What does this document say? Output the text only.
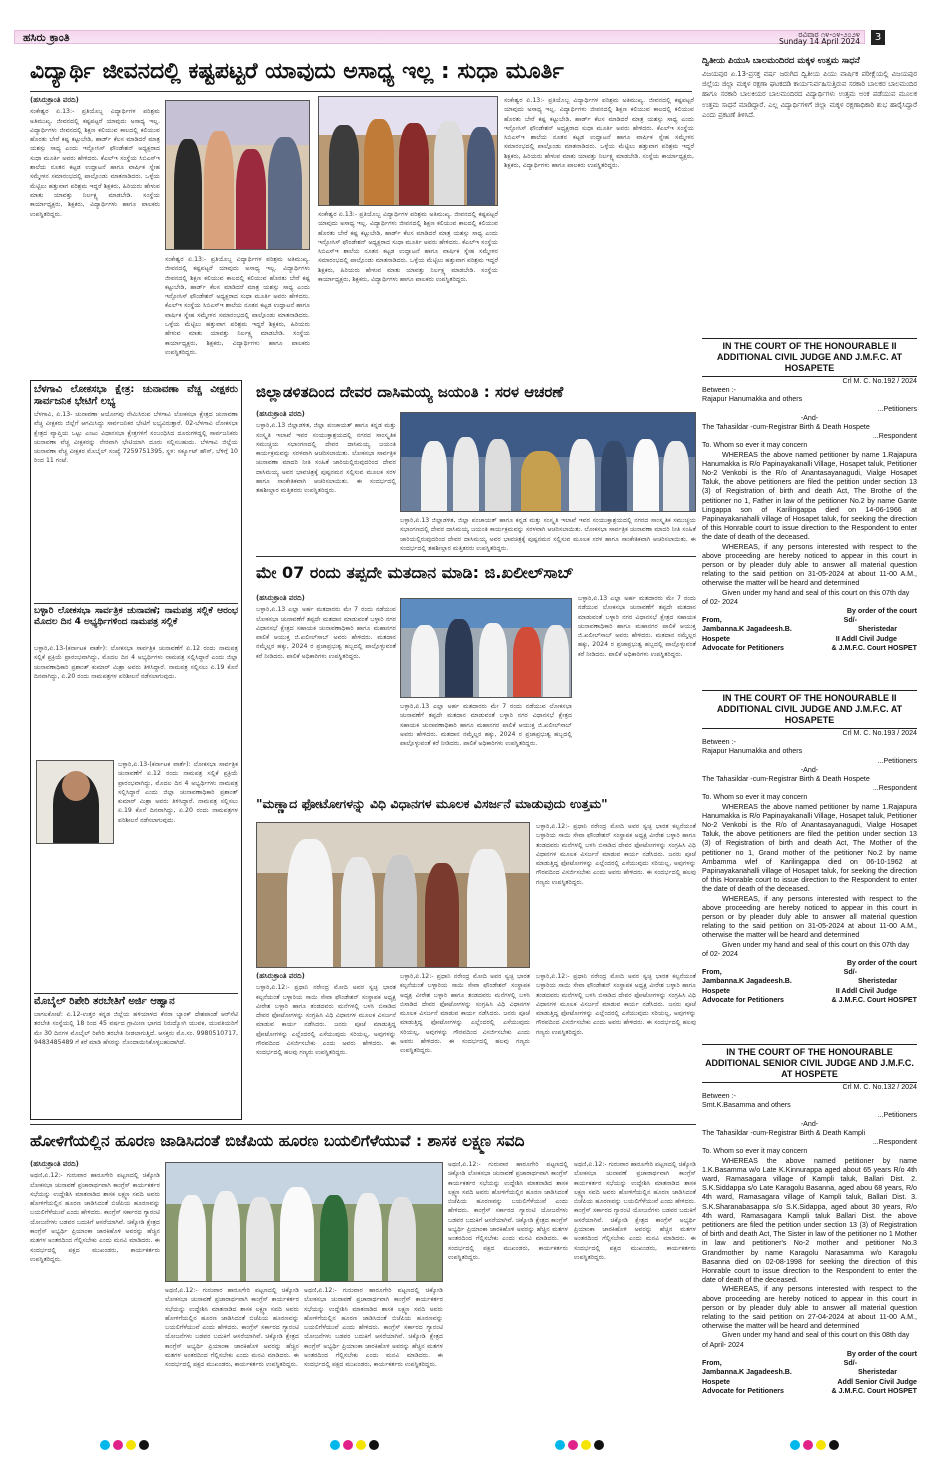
ಹಸಿರು ಕ್ರಾಂತಿ	ರವಿವಾರ ೧೪-೦೪-೨೦೨೪
Sunday 14 April 2024	3
ವಿದ್ಯಾರ್ಥಿ ಜೀವನದಲ್ಲಿ ಕಷ್ಟಪಟ್ಟರೆ ಯಾವುದು ಅಸಾಧ್ಯ ಇಲ್ಲ : ಸುಧಾ ಮೂರ್ತಿ

(ಹಸಿರುಕ್ರಾಂತಿ ವರದಿ)

ಸಂಕೇಶ್ವರ ಏ.13:- ಪ್ರತಿಯೊಬ್ಬ ವಿದ್ಯಾರ್ಥಿಗಳ ಪರಿಶ್ರಮ ಅತಿಮುಖ್ಯ. ಜೀವನದಲ್ಲಿ ಕಷ್ಟಪಟ್ಟರೆ ಯಾವುದು ಅಸಾಧ್ಯ ಇಲ್ಲ. ವಿದ್ಯಾರ್ಥಿಗಳು ಜೀವನದಲ್ಲಿ ಶಿಕ್ಷಣ ಕಲಿಯುವ ಕಾಲದಲ್ಲಿ ಕಲಿಯುವ ಹೊರತು ಬೇರೆ ಕಷ್ಟ ಕಟ್ಟುಬೇಡಿ, ಹಾರ್ಡ್ ಕೆಲಸ ಮಾಡಿದರೆ ಮಾತ್ರ ಯಶಸ್ಸು ಸಾಧ್ಯ ಎಂದು ಇನ್ಫೋಸಿಸ್ ಫೌಂಡೇಶನ್ ಅಧ್ಯಕ್ಷರಾದ ಸುಧಾ ಮೂರ್ತಿ ಅವರು ಹೇಳಿದರು. ಕೆಎಲ್‌ಇ ಸಂಸ್ಥೆಯ ಸಿಬಿಎಸ್‌ಇ ಶಾಲೆಯ ನೂತನ ಕಟ್ಟಡ ಉದ್ಘಾಟನೆ ಹಾಗೂ ವಾರ್ಷಿಕ ಸ್ನೇಹ ಸಮ್ಮೇಳನ ಸಮಾರಂಭದಲ್ಲಿ ಪಾಲ್ಗೊಂಡು ಮಾತನಾಡಿದರು. ಒಳ್ಳೆಯ ಮೆಟ್ಟಿಲು ಹತ್ತುವಾಗ ಪರಿಶ್ರಮ ಇದ್ದರೆ ಶಿಕ್ಷಕರು, ಹಿರಿಯರು ಹೇಳುವ ಮಾತು ಯಾವತ್ತು ನಿರ್ಲಕ್ಷ್ಯ ಮಾಡಬೇಡಿ. ಸಂಸ್ಥೆಯ ಕಾರ್ಯಾಧ್ಯಕ್ಷರು, ಶಿಕ್ಷಕರು, ವಿದ್ಯಾರ್ಥಿಗಳು ಹಾಗೂ ಪಾಲಕರು ಉಪಸ್ಥಿತರಿದ್ದರು.

ಸಂಕೇಶ್ವರ ಏ.13:- ಪ್ರತಿಯೊಬ್ಬ ವಿದ್ಯಾರ್ಥಿಗಳ ಪರಿಶ್ರಮ ಅತಿಮುಖ್ಯ. ಜೀವನದಲ್ಲಿ ಕಷ್ಟಪಟ್ಟರೆ ಯಾವುದು ಅಸಾಧ್ಯ ಇಲ್ಲ. ವಿದ್ಯಾರ್ಥಿಗಳು ಜೀವನದಲ್ಲಿ ಶಿಕ್ಷಣ ಕಲಿಯುವ ಕಾಲದಲ್ಲಿ ಕಲಿಯುವ ಹೊರತು ಬೇರೆ ಕಷ್ಟ ಕಟ್ಟುಬೇಡಿ, ಹಾರ್ಡ್ ಕೆಲಸ ಮಾಡಿದರೆ ಮಾತ್ರ ಯಶಸ್ಸು ಸಾಧ್ಯ ಎಂದು ಇನ್ಫೋಸಿಸ್ ಫೌಂಡೇಶನ್ ಅಧ್ಯಕ್ಷರಾದ ಸುಧಾ ಮೂರ್ತಿ ಅವರು ಹೇಳಿದರು. ಕೆಎಲ್‌ಇ ಸಂಸ್ಥೆಯ ಸಿಬಿಎಸ್‌ಇ ಶಾಲೆಯ ನೂತನ ಕಟ್ಟಡ ಉದ್ಘಾಟನೆ ಹಾಗೂ ವಾರ್ಷಿಕ ಸ್ನೇಹ ಸಮ್ಮೇಳನ ಸಮಾರಂಭದಲ್ಲಿ ಪಾಲ್ಗೊಂಡು ಮಾತನಾಡಿದರು. ಒಳ್ಳೆಯ ಮೆಟ್ಟಿಲು ಹತ್ತುವಾಗ ಪರಿಶ್ರಮ ಇದ್ದರೆ ಶಿಕ್ಷಕರು, ಹಿರಿಯರು ಹೇಳುವ ಮಾತು ಯಾವತ್ತು ನಿರ್ಲಕ್ಷ್ಯ ಮಾಡಬೇಡಿ. ಸಂಸ್ಥೆಯ ಕಾರ್ಯಾಧ್ಯಕ್ಷರು, ಶಿಕ್ಷಕರು, ವಿದ್ಯಾರ್ಥಿಗಳು ಹಾಗೂ ಪಾಲಕರು ಉಪಸ್ಥಿತರಿದ್ದರು.

ಸಂಕೇಶ್ವರ ಏ.13:- ಪ್ರತಿಯೊಬ್ಬ ವಿದ್ಯಾರ್ಥಿಗಳ ಪರಿಶ್ರಮ ಅತಿಮುಖ್ಯ. ಜೀವನದಲ್ಲಿ ಕಷ್ಟಪಟ್ಟರೆ ಯಾವುದು ಅಸಾಧ್ಯ ಇಲ್ಲ. ವಿದ್ಯಾರ್ಥಿಗಳು ಜೀವನದಲ್ಲಿ ಶಿಕ್ಷಣ ಕಲಿಯುವ ಕಾಲದಲ್ಲಿ ಕಲಿಯುವ ಹೊರತು ಬೇರೆ ಕಷ್ಟ ಕಟ್ಟುಬೇಡಿ, ಹಾರ್ಡ್ ಕೆಲಸ ಮಾಡಿದರೆ ಮಾತ್ರ ಯಶಸ್ಸು ಸಾಧ್ಯ ಎಂದು ಇನ್ಫೋಸಿಸ್ ಫೌಂಡೇಶನ್ ಅಧ್ಯಕ್ಷರಾದ ಸುಧಾ ಮೂರ್ತಿ ಅವರು ಹೇಳಿದರು. ಕೆಎಲ್‌ಇ ಸಂಸ್ಥೆಯ ಸಿಬಿಎಸ್‌ಇ ಶಾಲೆಯ ನೂತನ ಕಟ್ಟಡ ಉದ್ಘಾಟನೆ ಹಾಗೂ ವಾರ್ಷಿಕ ಸ್ನೇಹ ಸಮ್ಮೇಳನ ಸಮಾರಂಭದಲ್ಲಿ ಪಾಲ್ಗೊಂಡು ಮಾತನಾಡಿದರು. ಒಳ್ಳೆಯ ಮೆಟ್ಟಿಲು ಹತ್ತುವಾಗ ಪರಿಶ್ರಮ ಇದ್ದರೆ ಶಿಕ್ಷಕರು, ಹಿರಿಯರು ಹೇಳುವ ಮಾತು ಯಾವತ್ತು ನಿರ್ಲಕ್ಷ್ಯ ಮಾಡಬೇಡಿ. ಸಂಸ್ಥೆಯ ಕಾರ್ಯಾಧ್ಯಕ್ಷರು, ಶಿಕ್ಷಕರು, ವಿದ್ಯಾರ್ಥಿಗಳು ಹಾಗೂ ಪಾಲಕರು ಉಪಸ್ಥಿತರಿದ್ದರು.

ಸಂಕೇಶ್ವರ ಏ.13:- ಪ್ರತಿಯೊಬ್ಬ ವಿದ್ಯಾರ್ಥಿಗಳ ಪರಿಶ್ರಮ ಅತಿಮುಖ್ಯ. ಜೀವನದಲ್ಲಿ ಕಷ್ಟಪಟ್ಟರೆ ಯಾವುದು ಅಸಾಧ್ಯ ಇಲ್ಲ. ವಿದ್ಯಾರ್ಥಿಗಳು ಜೀವನದಲ್ಲಿ ಶಿಕ್ಷಣ ಕಲಿಯುವ ಕಾಲದಲ್ಲಿ ಕಲಿಯುವ ಹೊರತು ಬೇರೆ ಕಷ್ಟ ಕಟ್ಟುಬೇಡಿ, ಹಾರ್ಡ್ ಕೆಲಸ ಮಾಡಿದರೆ ಮಾತ್ರ ಯಶಸ್ಸು ಸಾಧ್ಯ ಎಂದು ಇನ್ಫೋಸಿಸ್ ಫೌಂಡೇಶನ್ ಅಧ್ಯಕ್ಷರಾದ ಸುಧಾ ಮೂರ್ತಿ ಅವರು ಹೇಳಿದರು. ಕೆಎಲ್‌ಇ ಸಂಸ್ಥೆಯ ಸಿಬಿಎಸ್‌ಇ ಶಾಲೆಯ ನೂತನ ಕಟ್ಟಡ ಉದ್ಘಾಟನೆ ಹಾಗೂ ವಾರ್ಷಿಕ ಸ್ನೇಹ ಸಮ್ಮೇಳನ ಸಮಾರಂಭದಲ್ಲಿ ಪಾಲ್ಗೊಂಡು ಮಾತನಾಡಿದರು. ಒಳ್ಳೆಯ ಮೆಟ್ಟಿಲು ಹತ್ತುವಾಗ ಪರಿಶ್ರಮ ಇದ್ದರೆ ಶಿಕ್ಷಕರು, ಹಿರಿಯರು ಹೇಳುವ ಮಾತು ಯಾವತ್ತು ನಿರ್ಲಕ್ಷ್ಯ ಮಾಡಬೇಡಿ. ಸಂಸ್ಥೆಯ ಕಾರ್ಯಾಧ್ಯಕ್ಷರು, ಶಿಕ್ಷಕರು, ವಿದ್ಯಾರ್ಥಿಗಳು ಹಾಗೂ ಪಾಲಕರು ಉಪಸ್ಥಿತರಿದ್ದರು.

ದ್ವಿತೀಯ ಪಿಯುಸಿ ಬಾಲಮಂದಿರದ ಮಕ್ಕಳ ಉತ್ತಮ ಸಾಧನೆ

ವಿಜಯಪುರ ಏ.13-ಪ್ರಸಕ್ತ ವರ್ಷ ಜರುಗಿದ ದ್ವಿತೀಯ ಪಿಯು ವಾರ್ಷಿಕ ಪರೀಕ್ಷೆಯಲ್ಲಿ ವಿಜಯಪುರ ಜಿಲ್ಲೆಯ ಜಿಲ್ಲಾ ಮಕ್ಕಳ ರಕ್ಷಣಾ ಘಟಕದಡಿ ಕಾರ್ಯನಿರ್ವಹಿಸುತ್ತಿರುವ ಸರಕಾರಿ ಬಾಲಕರ ಬಾಲಮಂದಿರ ಹಾಗೂ ಸರಕಾರಿ ಬಾಲಕಿಯರ ಬಾಲಮಂದಿರದ ವಿದ್ಯಾರ್ಥಿಗಳು ಉತ್ತಮ ಅಂಕ ಪಡೆಯುವ ಮೂಲಕ ಉತ್ತಮ ಸಾಧನೆ ಮಾಡಿದ್ದಾರೆ. ಎಲ್ಲ ವಿದ್ಯಾರ್ಥಿಗಳಿಗೆ ಜಿಲ್ಲಾ ಮಕ್ಕಳ ರಕ್ಷಣಾಧಿಕಾರಿ ಶುಭ ಹಾರೈಸಿದ್ದಾರೆ ಎಂದು ಪ್ರಕಟಣೆ ತಿಳಿಸಿದೆ.

ಬೆಳಗಾವಿ ಲೋಕಸಭಾ ಕ್ಷೇತ್ರ: ಚುನಾವಣಾ ವೆಚ್ಚ ವೀಕ್ಷಕರು ಸಾರ್ವಜನಿಕ ಭೇಟಿಗೆ ಲಭ್ಯ

ಬೆಳಗಾವಿ, ಏ.13- ಚುನಾವಣಾ ಆಯೋಗವು ನೇಮಿಸಿರುವ ಬೆಳಗಾವಿ ಲೋಕಸಭಾ ಕ್ಷೇತ್ರದ ಚುನಾವಣಾ ವೆಚ್ಚ ವೀಕ್ಷಕರು ಜಿಲ್ಲೆಗೆ ಆಗಮಿಸಿದ್ದು ಸಾರ್ವಜನಿಕರ ಭೇಟಿಗೆ ಲಭ್ಯವಿರುತ್ತಾರೆ. 02-ಬೆಳಗಾವಿ ಲೋಕಸಭಾ ಕ್ಷೇತ್ರದ ವ್ಯಾಪ್ತಿಯ ಒಟ್ಟು ಎಂಟು ವಿಧಾನಸಭಾ ಕ್ಷೇತ್ರಗಳಿಗೆ ಸಂಬಂಧಿಸಿದ ದೂರುಗಳಿದ್ದಲ್ಲಿ ಸಾರ್ವಜನಿಕರು ಚುನಾವಣಾ ವೆಚ್ಚ ವೀಕ್ಷಕರನ್ನು ನೇರವಾಗಿ ಭೇಟಿಯಾಗಿ ದೂರು ಸಲ್ಲಿಸಬಹುದು. ಬೆಳಗಾವಿ ಜಿಲ್ಲೆಯ ಚುನಾವಣಾ ವೆಚ್ಚ ವೀಕ್ಷಕರ ಮೊಬೈಲ್ ಸಂಖ್ಯೆ 7259751395, ಸ್ಥಳ: ಸರ್ಕ್ಯೂಟ್ ಹೌಸ್, ಬೆಳಿಗ್ಗೆ 10 ರಿಂದ 11 ಗಂಟೆ.

ಬಳ್ಳಾರಿ ಲೋಕಸಭಾ ಸಾರ್ವತ್ರಿಕ ಚುನಾವಣೆ; ನಾಮಪತ್ರ ಸಲ್ಲಿಕೆ ಆರಂಭ ಮೊದಲ ದಿನ 4 ಅಭ್ಯರ್ಥಿಗಳಿಂದ ನಾಮಪತ್ರ ಸಲ್ಲಿಕೆ

ಬಳ್ಳಾರಿ,ಏ.13-(ಕರ್ನಾಟಕ ವಾರ್ತೆ): ಲೋಕಸಭಾ ಸಾರ್ವತ್ರಿಕ ಚುನಾವಣೆಗೆ ಏ.12 ರಂದು ನಾಮಪತ್ರ ಸಲ್ಲಿಕೆ ಪ್ರಕ್ರಿಯೆ ಪ್ರಾರಂಭವಾಗಿದ್ದು, ಮೊದಲ ದಿನ 4 ಅಭ್ಯರ್ಥಿಗಳು ನಾಮಪತ್ರ ಸಲ್ಲಿಸಿದ್ದಾರೆ ಎಂದು ಜಿಲ್ಲಾ ಚುನಾವಣಾಧಿಕಾರಿ ಪ್ರಶಾಂತ್ ಕುಮಾರ್ ಮಿಶ್ರಾ ಅವರು ತಿಳಿಸಿದ್ದಾರೆ. ನಾಮಪತ್ರ ಸಲ್ಲಿಸಲು ಏ.19 ಕೊನೆ ದಿನವಾಗಿದ್ದು, ಏ.20 ರಂದು ನಾಮಪತ್ರಗಳ ಪರಿಶೀಲನೆ ನಡೆಸಲಾಗುವುದು.

ಬಳ್ಳಾರಿ,ಏ.13-(ಕರ್ನಾಟಕ ವಾರ್ತೆ): ಲೋಕಸಭಾ ಸಾರ್ವತ್ರಿಕ ಚುನಾವಣೆಗೆ ಏ.12 ರಂದು ನಾಮಪತ್ರ ಸಲ್ಲಿಕೆ ಪ್ರಕ್ರಿಯೆ ಪ್ರಾರಂಭವಾಗಿದ್ದು, ಮೊದಲ ದಿನ 4 ಅಭ್ಯರ್ಥಿಗಳು ನಾಮಪತ್ರ ಸಲ್ಲಿಸಿದ್ದಾರೆ ಎಂದು ಜಿಲ್ಲಾ ಚುನಾವಣಾಧಿಕಾರಿ ಪ್ರಶಾಂತ್ ಕುಮಾರ್ ಮಿಶ್ರಾ ಅವರು ತಿಳಿಸಿದ್ದಾರೆ. ನಾಮಪತ್ರ ಸಲ್ಲಿಸಲು ಏ.19 ಕೊನೆ ದಿನವಾಗಿದ್ದು, ಏ.20 ರಂದು ನಾಮಪತ್ರಗಳ ಪರಿಶೀಲನೆ ನಡೆಸಲಾಗುವುದು.

ಮೊಬೈಲ್ ರಿಪೇರಿ ತರಬೇತಿಗೆ ಅರ್ಜಿ ಆಹ್ವಾನ

ಬಾಗಲಕೋಟೆ: ಏ.12-ಉತ್ತರ ಕನ್ನಡ ಜಿಲ್ಲೆಯ ಹಳಿಯಾಳದ ಕೆನರಾ ಬ್ಯಾಂಕ್ ದೇಶಪಾಂಡೆ ಆರ್‌ಸೆಟಿ ತರಬೇತಿ ಸಂಸ್ಥೆಯಲ್ಲಿ 18 ರಿಂದ 45 ವರ್ಷದ ಗ್ರಾಮೀಣ ಭಾಗದ ನಿರುದ್ಯೋಗಿ ಯುವಕ, ಯುವತಿಯರಿಗೆ ಮೇ 30 ದಿನಗಳ ಮೊಬೈಲ್ ರಿಪೇರಿ ತರಬೇತಿ ನೀಡಲಾಗುತ್ತಿದೆ. ಆಸಕ್ತರು ಮೊ.ಸಂ. 9980510717, 9483485489 ಗೆ ಕರೆ ಮಾಡಿ ಹೆಸರನ್ನು ನೊಂದಾಯಿಸಿಕೊಳ್ಳಬಹುದಾಗಿದೆ.

ಜಿಲ್ಲಾಡಳಿತದಿಂದ ದೇವರ ದಾಸಿಮಯ್ಯ ಜಯಂತಿ : ಸರಳ ಆಚರಣೆ

(ಹಸಿರುಕ್ರಾಂತಿ ವರದಿ)

ಬಳ್ಳಾರಿ,ಏ.13 ಜಿಲ್ಲಾಡಳಿತ, ಜಿಲ್ಲಾ ಪಂಚಾಯತ್ ಹಾಗೂ ಕನ್ನಡ ಮತ್ತು ಸಂಸ್ಕೃತಿ ಇಲಾಖೆ ಇವರ ಸಂಯುಕ್ತಾಶ್ರಯದಲ್ಲಿ ನಗರದ ಸಾಂಸ್ಕೃತಿಕ ಸಮುಚ್ಚಯ ಸಭಾಂಗಣದಲ್ಲಿ ದೇವರ ದಾಸಿಮಯ್ಯ ಜಯಂತಿ ಕಾರ್ಯಕ್ರಮವನ್ನು ಸರಳವಾಗಿ ಆಚರಿಸಲಾಯಿತು. ಲೋಕಸಭಾ ಸಾರ್ವತ್ರಿಕ ಚುನಾವಣಾ ಮಾದರಿ ನೀತಿ ಸಂಹಿತೆ ಜಾರಿಯಲ್ಲಿರುವುದರಿಂದ ದೇವರ ದಾಸಿಮಯ್ಯ ಅವರ ಭಾವಚಿತ್ರಕ್ಕೆ ಪುಷ್ಪನಮನ ಸಲ್ಲಿಸುವ ಮೂಲಕ ಸರಳ ಹಾಗೂ ಸಾಂಕೇತಿಕವಾಗಿ ಆಚರಿಸಲಾಯಿತು. ಈ ಸಂದರ್ಭದಲ್ಲಿ ತಹಶೀಲ್ದಾರ ಮತ್ತಿತರರು ಉಪಸ್ಥಿತರಿದ್ದರು.

ಬಳ್ಳಾರಿ,ಏ.13 ಜಿಲ್ಲಾಡಳಿತ, ಜಿಲ್ಲಾ ಪಂಚಾಯತ್ ಹಾಗೂ ಕನ್ನಡ ಮತ್ತು ಸಂಸ್ಕೃತಿ ಇಲಾಖೆ ಇವರ ಸಂಯುಕ್ತಾಶ್ರಯದಲ್ಲಿ ನಗರದ ಸಾಂಸ್ಕೃತಿಕ ಸಮುಚ್ಚಯ ಸಭಾಂಗಣದಲ್ಲಿ ದೇವರ ದಾಸಿಮಯ್ಯ ಜಯಂತಿ ಕಾರ್ಯಕ್ರಮವನ್ನು ಸರಳವಾಗಿ ಆಚರಿಸಲಾಯಿತು. ಲೋಕಸಭಾ ಸಾರ್ವತ್ರಿಕ ಚುನಾವಣಾ ಮಾದರಿ ನೀತಿ ಸಂಹಿತೆ ಜಾರಿಯಲ್ಲಿರುವುದರಿಂದ ದೇವರ ದಾಸಿಮಯ್ಯ ಅವರ ಭಾವಚಿತ್ರಕ್ಕೆ ಪುಷ್ಪನಮನ ಸಲ್ಲಿಸುವ ಮೂಲಕ ಸರಳ ಹಾಗೂ ಸಾಂಕೇತಿಕವಾಗಿ ಆಚರಿಸಲಾಯಿತು. ಈ ಸಂದರ್ಭದಲ್ಲಿ ತಹಶೀಲ್ದಾರ ಮತ್ತಿತರರು ಉಪಸ್ಥಿತರಿದ್ದರು.

ಮೇ 07 ರಂದು ತಪ್ಪದೇ ಮತದಾನ ಮಾಡಿ: ಜಿ.ಖಲೀಲ್‌ಸಾಬ್

(ಹಸಿರುಕ್ರಾಂತಿ ವರದಿ)

ಬಳ್ಳಾರಿ,ಏ.13 ಎಲ್ಲಾ ಅರ್ಹ ಮತದಾರರು ಮೇ 7 ರಂದು ನಡೆಯುವ ಲೋಕಸಭಾ ಚುನಾವಣೆಗೆ ತಪ್ಪದೇ ಮತದಾನ ಮಾಡುವಂತೆ ಬಳ್ಳಾರಿ ನಗರ ವಿಧಾನಸಭೆ ಕ್ಷೇತ್ರದ ಸಹಾಯಕ ಚುನಾವಣಾಧಿಕಾರಿ ಹಾಗೂ ಮಹಾನಗರ ಪಾಲಿಕೆ ಆಯುಕ್ತ ಜಿ.ಖಲೀಲ್‌ಸಾಬ್ ಅವರು ಹೇಳಿದರು. ಮತದಾನ ನಮ್ಮೆಲ್ಲರ ಹಕ್ಕು, 2024 ರ ಪ್ರಜಾಪ್ರಭುತ್ವ ಹಬ್ಬದಲ್ಲಿ ಪಾಲ್ಗೊಳ್ಳುವಂತೆ ಕರೆ ನೀಡಿದರು. ಪಾಲಿಕೆ ಅಧಿಕಾರಿಗಳು ಉಪಸ್ಥಿತರಿದ್ದರು.

ಬಳ್ಳಾರಿ,ಏ.13 ಎಲ್ಲಾ ಅರ್ಹ ಮತದಾರರು ಮೇ 7 ರಂದು ನಡೆಯುವ ಲೋಕಸಭಾ ಚುನಾವಣೆಗೆ ತಪ್ಪದೇ ಮತದಾನ ಮಾಡುವಂತೆ ಬಳ್ಳಾರಿ ನಗರ ವಿಧಾನಸಭೆ ಕ್ಷೇತ್ರದ ಸಹಾಯಕ ಚುನಾವಣಾಧಿಕಾರಿ ಹಾಗೂ ಮಹಾನಗರ ಪಾಲಿಕೆ ಆಯುಕ್ತ ಜಿ.ಖಲೀಲ್‌ಸಾಬ್ ಅವರು ಹೇಳಿದರು. ಮತದಾನ ನಮ್ಮೆಲ್ಲರ ಹಕ್ಕು, 2024 ರ ಪ್ರಜಾಪ್ರಭುತ್ವ ಹಬ್ಬದಲ್ಲಿ ಪಾಲ್ಗೊಳ್ಳುವಂತೆ ಕರೆ ನೀಡಿದರು. ಪಾಲಿಕೆ ಅಧಿಕಾರಿಗಳು ಉಪಸ್ಥಿತರಿದ್ದರು.

ಬಳ್ಳಾರಿ,ಏ.13 ಎಲ್ಲಾ ಅರ್ಹ ಮತದಾರರು ಮೇ 7 ರಂದು ನಡೆಯುವ ಲೋಕಸಭಾ ಚುನಾವಣೆಗೆ ತಪ್ಪದೇ ಮತದಾನ ಮಾಡುವಂತೆ ಬಳ್ಳಾರಿ ನಗರ ವಿಧಾನಸಭೆ ಕ್ಷೇತ್ರದ ಸಹಾಯಕ ಚುನಾವಣಾಧಿಕಾರಿ ಹಾಗೂ ಮಹಾನಗರ ಪಾಲಿಕೆ ಆಯುಕ್ತ ಜಿ.ಖಲೀಲ್‌ಸಾಬ್ ಅವರು ಹೇಳಿದರು. ಮತದಾನ ನಮ್ಮೆಲ್ಲರ ಹಕ್ಕು, 2024 ರ ಪ್ರಜಾಪ್ರಭುತ್ವ ಹಬ್ಬದಲ್ಲಿ ಪಾಲ್ಗೊಳ್ಳುವಂತೆ ಕರೆ ನೀಡಿದರು. ಪಾಲಿಕೆ ಅಧಿಕಾರಿಗಳು ಉಪಸ್ಥಿತರಿದ್ದರು.

"ಮಣ್ಣಾದ ಫೋಟೋಗಳನ್ನು ವಿಧಿ ವಿಧಾನಗಳ ಮೂಲಕ ವಿಸರ್ಜನೆ ಮಾಡುವುದು ಉತ್ತಮ"

ಬಳ್ಳಾರಿ,ಏ.12:- ಪ್ರಧಾನಿ ನರೇಂದ್ರ ಮೋದಿ ಅವರ ಸ್ವಚ್ಛ ಭಾರತ ಕಲ್ಪನೆಯಂತೆ ಬಳ್ಳಾರಿಯ ಸಾಯಿ ಸೇವಾ ಫೌಂಡೇಶನ್ ಸಂಸ್ಥಾಪಕ ಅಧ್ಯಕ್ಷ ವೀರೇಶ ಬಳ್ಳಾರಿ ಹಾಗೂ ತಂಡದವರು ಮನೆಗಳಲ್ಲಿ ಬಳಸಿ ಬಿಸಾಡಿದ ದೇವರ ಫೋಟೋಗಳನ್ನು ಸಂಗ್ರಹಿಸಿ ವಿಧಿ ವಿಧಾನಗಳ ಮೂಲಕ ವಿಸರ್ಜನೆ ಮಾಡುವ ಕಾರ್ಯ ನಡೆಸಿದರು. ಜನರು ಪೂಜೆ ಮಾಡುತ್ತಿದ್ದ ಫೋಟೋಗಳನ್ನು ಎಲ್ಲೆಂದರಲ್ಲಿ ಎಸೆಯುವುದು ಸರಿಯಲ್ಲ, ಅವುಗಳನ್ನು ಗೌರವದಿಂದ ವಿಸರ್ಜಿಸಬೇಕು ಎಂದು ಅವರು ಹೇಳಿದರು. ಈ ಸಂದರ್ಭದಲ್ಲಿ ಹಲವು ಗಣ್ಯರು ಉಪಸ್ಥಿತರಿದ್ದರು.

(ಹಸಿರುಕ್ರಾಂತಿ ವರದಿ)

ಬಳ್ಳಾರಿ,ಏ.12:- ಪ್ರಧಾನಿ ನರೇಂದ್ರ ಮೋದಿ ಅವರ ಸ್ವಚ್ಛ ಭಾರತ ಕಲ್ಪನೆಯಂತೆ ಬಳ್ಳಾರಿಯ ಸಾಯಿ ಸೇವಾ ಫೌಂಡೇಶನ್ ಸಂಸ್ಥಾಪಕ ಅಧ್ಯಕ್ಷ ವೀರೇಶ ಬಳ್ಳಾರಿ ಹಾಗೂ ತಂಡದವರು ಮನೆಗಳಲ್ಲಿ ಬಳಸಿ ಬಿಸಾಡಿದ ದೇವರ ಫೋಟೋಗಳನ್ನು ಸಂಗ್ರಹಿಸಿ ವಿಧಿ ವಿಧಾನಗಳ ಮೂಲಕ ವಿಸರ್ಜನೆ ಮಾಡುವ ಕಾರ್ಯ ನಡೆಸಿದರು. ಜನರು ಪೂಜೆ ಮಾಡುತ್ತಿದ್ದ ಫೋಟೋಗಳನ್ನು ಎಲ್ಲೆಂದರಲ್ಲಿ ಎಸೆಯುವುದು ಸರಿಯಲ್ಲ, ಅವುಗಳನ್ನು ಗೌರವದಿಂದ ವಿಸರ್ಜಿಸಬೇಕು ಎಂದು ಅವರು ಹೇಳಿದರು. ಈ ಸಂದರ್ಭದಲ್ಲಿ ಹಲವು ಗಣ್ಯರು ಉಪಸ್ಥಿತರಿದ್ದರು.

ಬಳ್ಳಾರಿ,ಏ.12:- ಪ್ರಧಾನಿ ನರೇಂದ್ರ ಮೋದಿ ಅವರ ಸ್ವಚ್ಛ ಭಾರತ ಕಲ್ಪನೆಯಂತೆ ಬಳ್ಳಾರಿಯ ಸಾಯಿ ಸೇವಾ ಫೌಂಡೇಶನ್ ಸಂಸ್ಥಾಪಕ ಅಧ್ಯಕ್ಷ ವೀರೇಶ ಬಳ್ಳಾರಿ ಹಾಗೂ ತಂಡದವರು ಮನೆಗಳಲ್ಲಿ ಬಳಸಿ ಬಿಸಾಡಿದ ದೇವರ ಫೋಟೋಗಳನ್ನು ಸಂಗ್ರಹಿಸಿ ವಿಧಿ ವಿಧಾನಗಳ ಮೂಲಕ ವಿಸರ್ಜನೆ ಮಾಡುವ ಕಾರ್ಯ ನಡೆಸಿದರು. ಜನರು ಪೂಜೆ ಮಾಡುತ್ತಿದ್ದ ಫೋಟೋಗಳನ್ನು ಎಲ್ಲೆಂದರಲ್ಲಿ ಎಸೆಯುವುದು ಸರಿಯಲ್ಲ, ಅವುಗಳನ್ನು ಗೌರವದಿಂದ ವಿಸರ್ಜಿಸಬೇಕು ಎಂದು ಅವರು ಹೇಳಿದರು. ಈ ಸಂದರ್ಭದಲ್ಲಿ ಹಲವು ಗಣ್ಯರು ಉಪಸ್ಥಿತರಿದ್ದರು.

ಬಳ್ಳಾರಿ,ಏ.12:- ಪ್ರಧಾನಿ ನರೇಂದ್ರ ಮೋದಿ ಅವರ ಸ್ವಚ್ಛ ಭಾರತ ಕಲ್ಪನೆಯಂತೆ ಬಳ್ಳಾರಿಯ ಸಾಯಿ ಸೇವಾ ಫೌಂಡೇಶನ್ ಸಂಸ್ಥಾಪಕ ಅಧ್ಯಕ್ಷ ವೀರೇಶ ಬಳ್ಳಾರಿ ಹಾಗೂ ತಂಡದವರು ಮನೆಗಳಲ್ಲಿ ಬಳಸಿ ಬಿಸಾಡಿದ ದೇವರ ಫೋಟೋಗಳನ್ನು ಸಂಗ್ರಹಿಸಿ ವಿಧಿ ವಿಧಾನಗಳ ಮೂಲಕ ವಿಸರ್ಜನೆ ಮಾಡುವ ಕಾರ್ಯ ನಡೆಸಿದರು. ಜನರು ಪೂಜೆ ಮಾಡುತ್ತಿದ್ದ ಫೋಟೋಗಳನ್ನು ಎಲ್ಲೆಂದರಲ್ಲಿ ಎಸೆಯುವುದು ಸರಿಯಲ್ಲ, ಅವುಗಳನ್ನು ಗೌರವದಿಂದ ವಿಸರ್ಜಿಸಬೇಕು ಎಂದು ಅವರು ಹೇಳಿದರು. ಈ ಸಂದರ್ಭದಲ್ಲಿ ಹಲವು ಗಣ್ಯರು ಉಪಸ್ಥಿತರಿದ್ದರು.

ಹೋಳಿಗೆಯಲ್ಲಿನ ಹೂರಣ ಜಾಡಿಸಿದಂತೆ ಬಿಜೆಪಿಯ ಹೂರಣ ಬಯಲಿಗೆಳೆಯುವೆ : ಶಾಸಕ ಲಕ್ಷ್ಮಣ ಸವದಿ

(ಹಸಿರುಕ್ರಾಂತಿ ವರದಿ)

ಅಥಣಿ,ಏ.12:- ಗುರುವಾರ ಹಾರೂಗೇರಿ ಪಟ್ಟಣದಲ್ಲಿ ಚಿಕ್ಕೋಡಿ ಲೋಕಸಭಾ ಚುನಾವಣೆ ಪ್ರಚಾರಾರ್ಥವಾಗಿ ಕಾಂಗ್ರೆಸ್ ಕಾರ್ಯಕರ್ತರ ಸಭೆಯನ್ನು ಉದ್ದೇಶಿಸಿ ಮಾತನಾಡಿದ ಶಾಸಕ ಲಕ್ಷ್ಮಣ ಸವದಿ ಅವರು ಹೋಳಿಗೆಯಲ್ಲಿನ ಹೂರಣ ಜಾಡಿಸಿದಂತೆ ಬಿಜೆಪಿಯ ಹೂರಣವನ್ನು ಬಯಲಿಗೆಳೆಯುವೆ ಎಂದು ಹೇಳಿದರು. ಕಾಂಗ್ರೆಸ್ ಸರ್ಕಾರದ ಗ್ಯಾರಂಟಿ ಯೋಜನೆಗಳು ಬಡವರ ಬದುಕಿಗೆ ಆಸರೆಯಾಗಿವೆ. ಚಿಕ್ಕೋಡಿ ಕ್ಷೇತ್ರದ ಕಾಂಗ್ರೆಸ್ ಅಭ್ಯರ್ಥಿ ಪ್ರಿಯಾಂಕಾ ಜಾರಕಿಹೊಳಿ ಅವರನ್ನು ಹೆಚ್ಚಿನ ಮತಗಳ ಅಂತರದಿಂದ ಗೆಲ್ಲಿಸಬೇಕು ಎಂದು ಮನವಿ ಮಾಡಿದರು. ಈ ಸಂದರ್ಭದಲ್ಲಿ ಪಕ್ಷದ ಮುಖಂಡರು, ಕಾರ್ಯಕರ್ತರು ಉಪಸ್ಥಿತರಿದ್ದರು.

ಅಥಣಿ,ಏ.12:- ಗುರುವಾರ ಹಾರೂಗೇರಿ ಪಟ್ಟಣದಲ್ಲಿ ಚಿಕ್ಕೋಡಿ ಲೋಕಸಭಾ ಚುನಾವಣೆ ಪ್ರಚಾರಾರ್ಥವಾಗಿ ಕಾಂಗ್ರೆಸ್ ಕಾರ್ಯಕರ್ತರ ಸಭೆಯನ್ನು ಉದ್ದೇಶಿಸಿ ಮಾತನಾಡಿದ ಶಾಸಕ ಲಕ್ಷ್ಮಣ ಸವದಿ ಅವರು ಹೋಳಿಗೆಯಲ್ಲಿನ ಹೂರಣ ಜಾಡಿಸಿದಂತೆ ಬಿಜೆಪಿಯ ಹೂರಣವನ್ನು ಬಯಲಿಗೆಳೆಯುವೆ ಎಂದು ಹೇಳಿದರು. ಕಾಂಗ್ರೆಸ್ ಸರ್ಕಾರದ ಗ್ಯಾರಂಟಿ ಯೋಜನೆಗಳು ಬಡವರ ಬದುಕಿಗೆ ಆಸರೆಯಾಗಿವೆ. ಚಿಕ್ಕೋಡಿ ಕ್ಷೇತ್ರದ ಕಾಂಗ್ರೆಸ್ ಅಭ್ಯರ್ಥಿ ಪ್ರಿಯಾಂಕಾ ಜಾರಕಿಹೊಳಿ ಅವರನ್ನು ಹೆಚ್ಚಿನ ಮತಗಳ ಅಂತರದಿಂದ ಗೆಲ್ಲಿಸಬೇಕು ಎಂದು ಮನವಿ ಮಾಡಿದರು. ಈ ಸಂದರ್ಭದಲ್ಲಿ ಪಕ್ಷದ ಮುಖಂಡರು, ಕಾರ್ಯಕರ್ತರು ಉಪಸ್ಥಿತರಿದ್ದರು.

ಅಥಣಿ,ಏ.12:- ಗುರುವಾರ ಹಾರೂಗೇರಿ ಪಟ್ಟಣದಲ್ಲಿ ಚಿಕ್ಕೋಡಿ ಲೋಕಸಭಾ ಚುನಾವಣೆ ಪ್ರಚಾರಾರ್ಥವಾಗಿ ಕಾಂಗ್ರೆಸ್ ಕಾರ್ಯಕರ್ತರ ಸಭೆಯನ್ನು ಉದ್ದೇಶಿಸಿ ಮಾತನಾಡಿದ ಶಾಸಕ ಲಕ್ಷ್ಮಣ ಸವದಿ ಅವರು ಹೋಳಿಗೆಯಲ್ಲಿನ ಹೂರಣ ಜಾಡಿಸಿದಂತೆ ಬಿಜೆಪಿಯ ಹೂರಣವನ್ನು ಬಯಲಿಗೆಳೆಯುವೆ ಎಂದು ಹೇಳಿದರು. ಕಾಂಗ್ರೆಸ್ ಸರ್ಕಾರದ ಗ್ಯಾರಂಟಿ ಯೋಜನೆಗಳು ಬಡವರ ಬದುಕಿಗೆ ಆಸರೆಯಾಗಿವೆ. ಚಿಕ್ಕೋಡಿ ಕ್ಷೇತ್ರದ ಕಾಂಗ್ರೆಸ್ ಅಭ್ಯರ್ಥಿ ಪ್ರಿಯಾಂಕಾ ಜಾರಕಿಹೊಳಿ ಅವರನ್ನು ಹೆಚ್ಚಿನ ಮತಗಳ ಅಂತರದಿಂದ ಗೆಲ್ಲಿಸಬೇಕು ಎಂದು ಮನವಿ ಮಾಡಿದರು. ಈ ಸಂದರ್ಭದಲ್ಲಿ ಪಕ್ಷದ ಮುಖಂಡರು, ಕಾರ್ಯಕರ್ತರು ಉಪಸ್ಥಿತರಿದ್ದರು.

ಅಥಣಿ,ಏ.12:- ಗುರುವಾರ ಹಾರೂಗೇರಿ ಪಟ್ಟಣದಲ್ಲಿ ಚಿಕ್ಕೋಡಿ ಲೋಕಸಭಾ ಚುನಾವಣೆ ಪ್ರಚಾರಾರ್ಥವಾಗಿ ಕಾಂಗ್ರೆಸ್ ಕಾರ್ಯಕರ್ತರ ಸಭೆಯನ್ನು ಉದ್ದೇಶಿಸಿ ಮಾತನಾಡಿದ ಶಾಸಕ ಲಕ್ಷ್ಮಣ ಸವದಿ ಅವರು ಹೋಳಿಗೆಯಲ್ಲಿನ ಹೂರಣ ಜಾಡಿಸಿದಂತೆ ಬಿಜೆಪಿಯ ಹೂರಣವನ್ನು ಬಯಲಿಗೆಳೆಯುವೆ ಎಂದು ಹೇಳಿದರು. ಕಾಂಗ್ರೆಸ್ ಸರ್ಕಾರದ ಗ್ಯಾರಂಟಿ ಯೋಜನೆಗಳು ಬಡವರ ಬದುಕಿಗೆ ಆಸರೆಯಾಗಿವೆ. ಚಿಕ್ಕೋಡಿ ಕ್ಷೇತ್ರದ ಕಾಂಗ್ರೆಸ್ ಅಭ್ಯರ್ಥಿ ಪ್ರಿಯಾಂಕಾ ಜಾರಕಿಹೊಳಿ ಅವರನ್ನು ಹೆಚ್ಚಿನ ಮತಗಳ ಅಂತರದಿಂದ ಗೆಲ್ಲಿಸಬೇಕು ಎಂದು ಮನವಿ ಮಾಡಿದರು. ಈ ಸಂದರ್ಭದಲ್ಲಿ ಪಕ್ಷದ ಮುಖಂಡರು, ಕಾರ್ಯಕರ್ತರು ಉಪಸ್ಥಿತರಿದ್ದರು.

ಅಥಣಿ,ಏ.12:- ಗುರುವಾರ ಹಾರೂಗೇರಿ ಪಟ್ಟಣದಲ್ಲಿ ಚಿಕ್ಕೋಡಿ ಲೋಕಸಭಾ ಚುನಾವಣೆ ಪ್ರಚಾರಾರ್ಥವಾಗಿ ಕಾಂಗ್ರೆಸ್ ಕಾರ್ಯಕರ್ತರ ಸಭೆಯನ್ನು ಉದ್ದೇಶಿಸಿ ಮಾತನಾಡಿದ ಶಾಸಕ ಲಕ್ಷ್ಮಣ ಸವದಿ ಅವರು ಹೋಳಿಗೆಯಲ್ಲಿನ ಹೂರಣ ಜಾಡಿಸಿದಂತೆ ಬಿಜೆಪಿಯ ಹೂರಣವನ್ನು ಬಯಲಿಗೆಳೆಯುವೆ ಎಂದು ಹೇಳಿದರು. ಕಾಂಗ್ರೆಸ್ ಸರ್ಕಾರದ ಗ್ಯಾರಂಟಿ ಯೋಜನೆಗಳು ಬಡವರ ಬದುಕಿಗೆ ಆಸರೆಯಾಗಿವೆ. ಚಿಕ್ಕೋಡಿ ಕ್ಷೇತ್ರದ ಕಾಂಗ್ರೆಸ್ ಅಭ್ಯರ್ಥಿ ಪ್ರಿಯಾಂಕಾ ಜಾರಕಿಹೊಳಿ ಅವರನ್ನು ಹೆಚ್ಚಿನ ಮತಗಳ ಅಂತರದಿಂದ ಗೆಲ್ಲಿಸಬೇಕು ಎಂದು ಮನವಿ ಮಾಡಿದರು. ಈ ಸಂದರ್ಭದಲ್ಲಿ ಪಕ್ಷದ ಮುಖಂಡರು, ಕಾರ್ಯಕರ್ತರು ಉಪಸ್ಥಿತರಿದ್ದರು.

IN THE COURT OF THE HONOURABLE II ADDITIONAL CIVIL JUDGE AND J.M.F.C. AT HOSAPETE
Crl M. C. No.192 / 2024
Between :-
Rajapur Hanumakka and others
...Petitioners
-And-
The Tahasildar -cum-Registrar Birth & Death Hospete
...Respondent
To. Whom so ever it may concern
WHEREAS the above named petitioner by name 1.Rajapura Hanumakka is R/o Papinayakanalli Village, Hosapet taluk, Petitioner No-2 Venkobi is the R/o of Anantasayanagudi, Vialge Hosapet Taluk, the above petitioners are filed the petition under section 13 (3) of Registration of birth and death Act, The Brothe of the petitioner no 1, Father in law of the petitioner No.2 by name Gante Lingappa son of Karilingappa died on 14-06-1966 at Papinayakanahalli village of Hosapet taluk, for seeking the direction of this Honrable court to issue direction to the Respondent to enter the date of death of the deceased.
WHEREAS, if any persons interested with respect to the above proceeding are hereby noticed to appear in this court in person or by pleader duly able to answer all material question relating to the said petition on 31-05-2024 at about 11-00 A.M., otherwise the matter will be heard and determined
Given under my hand and seal of this court on this 07th day of 02- 2024
By order of the court
From,	Sd/-
Jambanna.K Jagadeesh.B.	Sheristedar
Hospete	II Addl Civil Judge
Advocate for Petitioners	& J.M.F.C. Court HOSPET
IN THE COURT OF THE HONOURABLE II ADDITIONAL CIVIL JUDGE AND J.M.F.C. AT HOSAPETE
Crl M. C. No.193 / 2024
Between :-
Rajapur Hanumakka and others
...Petitioners
-And-
The Tahasildar -cum-Registrar Birth & Death Hospete
...Respondent
To. Whom so ever it may concern
WHEREAS the above named petitioner by name 1.Rajapura Hanumakka is R/o Papinayakanalli Village, Hosapet taluk, Petitioner No-2 Venkobi is the R/o of Anantasayanagudi, Vialge Hosapet Taluk, the above petitioners are filed the petition under section 13 (3) of Registration of birth and death Act, The Mother of the petitioner no 1, Grand mother of the petitioner No.2 by name Ambamma wlef of Karilingappa died on 06-10-1962 at Papinayakanahalli village of Hosapet taluk, for seeking the direction of this Honrable court to issue direction to the Respondent to enter the date of death of the deceased.
WHEREAS, if any persons interested with respect to the above proceeding are hereby noticed to appear in this court in person or by pleader duly able to answer all material question relating to the said petition on 31-05-2024 at about 11-00 A.M., otherwise the matter will be heard and determined
Given under my hand and seal of this court on this 07th day of 02- 2024
By order of the court
From,	Sd/-
Jambanna.K Jagadeesh.B.	Sheristedar
Hospete	II Addl Civil Judge
Advocate for Petitioners	& J.M.F.C. Court HOSPET
IN THE COURT OF THE HONOURABLE ADDITIONAL SENIOR CIVIL JUDGE AND J.M.F.C. AT HOSPETE
Crl M. C. No.132 / 2024
Between :-
Smt.K.Basamma and others
...Petitioners
-And-
The Tahasildar -cum-Registrar Birth & Death Kampli
...Respondent
To. Whom so ever it may concern
WHEREAS the above named petitioner by name 1.K.Basamma w/o Late K.Kinnurappa aged about 65 years R/o 4th ward, Ramasagara village of Kampli taluk, Ballari Dist. 2. S.K.Siddappa s/o Late Karagolu Basanna, aged abou 68 years, R/o 4th ward, Ramasagara village of Kampli taluk, Ballari Dist. 3. S.K.Sharanabasappa s/o S.K.Sidappa, aged about 30 years, R/o 4th ward, Ramasagara Kampli taluk Ballari Dist. the above petitioners are filed the petition under section 13 (3) of Registration of birth and death Act, The Sister in law of the petitioner no 1 Mother in law and petitioner's No-2 mother and petitioner No.3 Grandmother by name Karagolu Narasamma w/o Karagolu Basanna died on 02-08-1998 for seeking the direction of this Honrable court to issue direction to the Respondent to enter the date of death of the deceased.
WHEREAS, if any persons interested with respect to the above proceeding are hereby noticed to appear in this court in person or by pleader duly able to answer all material question relating to the said petition on 27-04-2024 at about 11-00 A.M., otherwise the matter will be heard and determined
Given under my hand and seal of this court on this 08th day of April- 2024
By order of the court
From,	Sd/-
Jambanna.K Jagadeesh.B.	Sheristedar
Hospete	Addl Senior Civil Judge
Advocate for Petitioners	& J.M.F.C. Court HOSPET
